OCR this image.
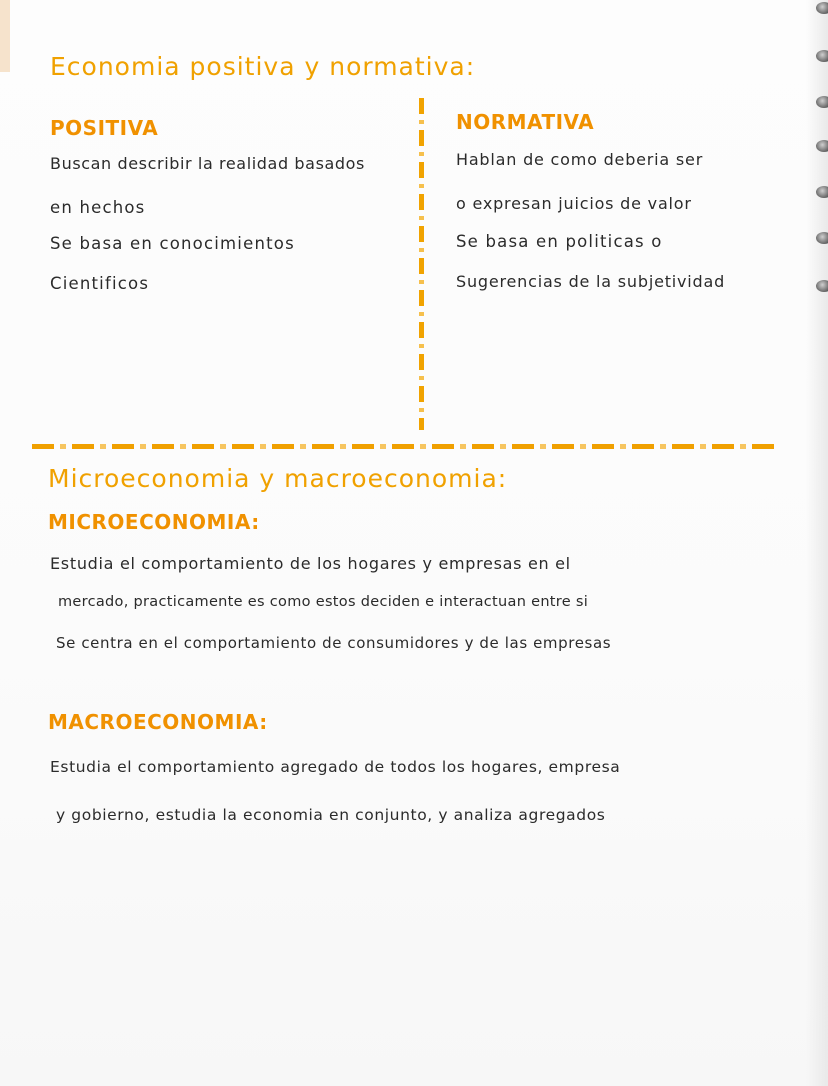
Economia positiva y normativa:
POSITIVA	NORMATIVA
Buscan describir la realidad basados
en hechos
Se basa en conocimientos
Cientificos
Hablan de como deberia ser
o expresan juicios de valor
Se basa en politicas o
Sugerencias de la subjetividad
Microeconomia y macroeconomia:
MICROECONOMIA:
Estudia el comportamiento de los hogares y empresas en el
mercado, practicamente es como estos deciden e interactuan entre si
Se centra en el comportamiento de consumidores y de las empresas
MACROECONOMIA:
Estudia el comportamiento agregado de todos los hogares, empresa
y gobierno, estudia la economia en conjunto, y analiza agregados
